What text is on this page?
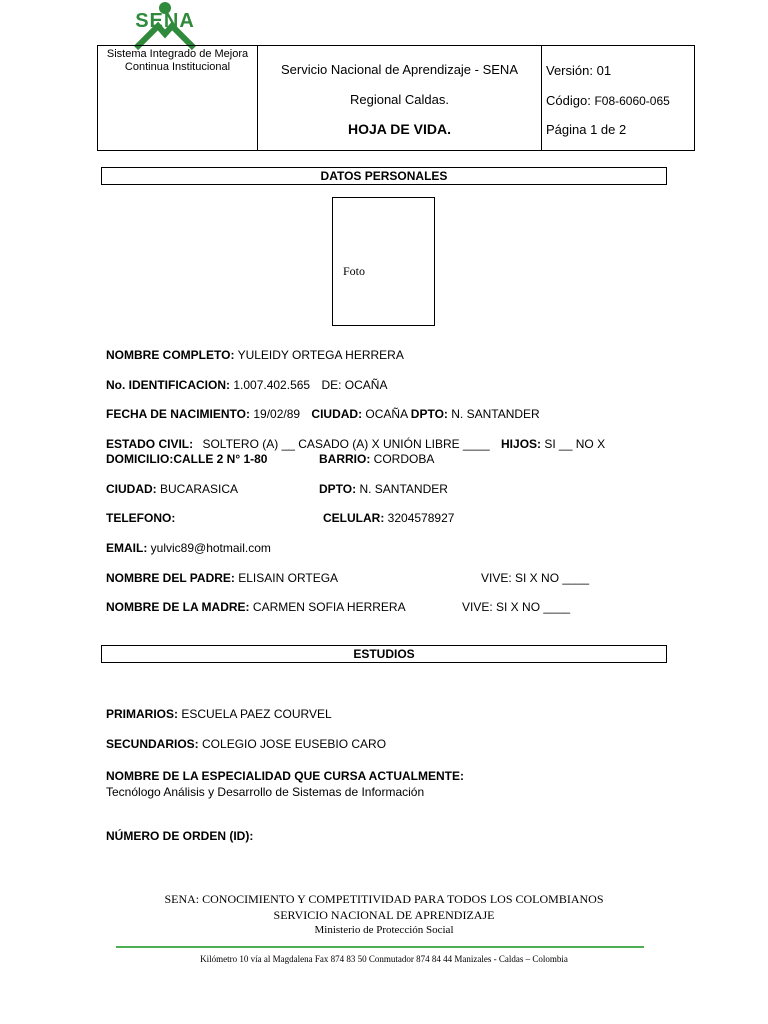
SENA
Sistema Integrado de Mejora Continua Institucional	Servicio Nacional de Aprendizaje - SENA
Regional Caldas.
HOJA DE VIDA.
Versión: 01
Código: F08-6060-065
Página 1 de 2
DATOS PERSONALES
Foto
NOMBRE COMPLETO: YULEIDY ORTEGA HERRERA
No. IDENTIFICACION: 1.007.402.565 DE: OCAÑA
FECHA DE NACIMIENTO: 19/02/89 CIUDAD: OCAÑA DPTO: N. SANTANDER
ESTADO CIVIL: SOLTERO (A) __ CASADO (A) X UNIÓN LIBRE ____ HIJOS: SI __ NO X
DOMICILIO:CALLE 2 N° 1-80	BARRIO: CORDOBA
CIUDAD: BUCARASICA	DPTO: N. SANTANDER
TELEFONO:	CELULAR: 3204578927
EMAIL: yulvic89@hotmail.com
NOMBRE DEL PADRE: ELISAIN ORTEGA	VIVE: SI X NO ____
NOMBRE DE LA MADRE: CARMEN SOFIA HERRERA	VIVE: SI X NO ____
ESTUDIOS
PRIMARIOS: ESCUELA PAEZ COURVEL
SECUNDARIOS: COLEGIO JOSE EUSEBIO CARO
NOMBRE DE LA ESPECIALIDAD QUE CURSA ACTUALMENTE:
Tecnólogo Análisis y Desarrollo de Sistemas de Información
NÚMERO DE ORDEN (ID):
SENA: CONOCIMIENTO Y COMPETITIVIDAD PARA TODOS LOS COLOMBIANOS
SERVICIO NACIONAL DE APRENDIZAJE
Ministerio de Protección Social
Kilómetro 10 vía al Magdalena Fax 874 83 50 Conmutador 874 84 44 Manizales - Caldas – Colombia
